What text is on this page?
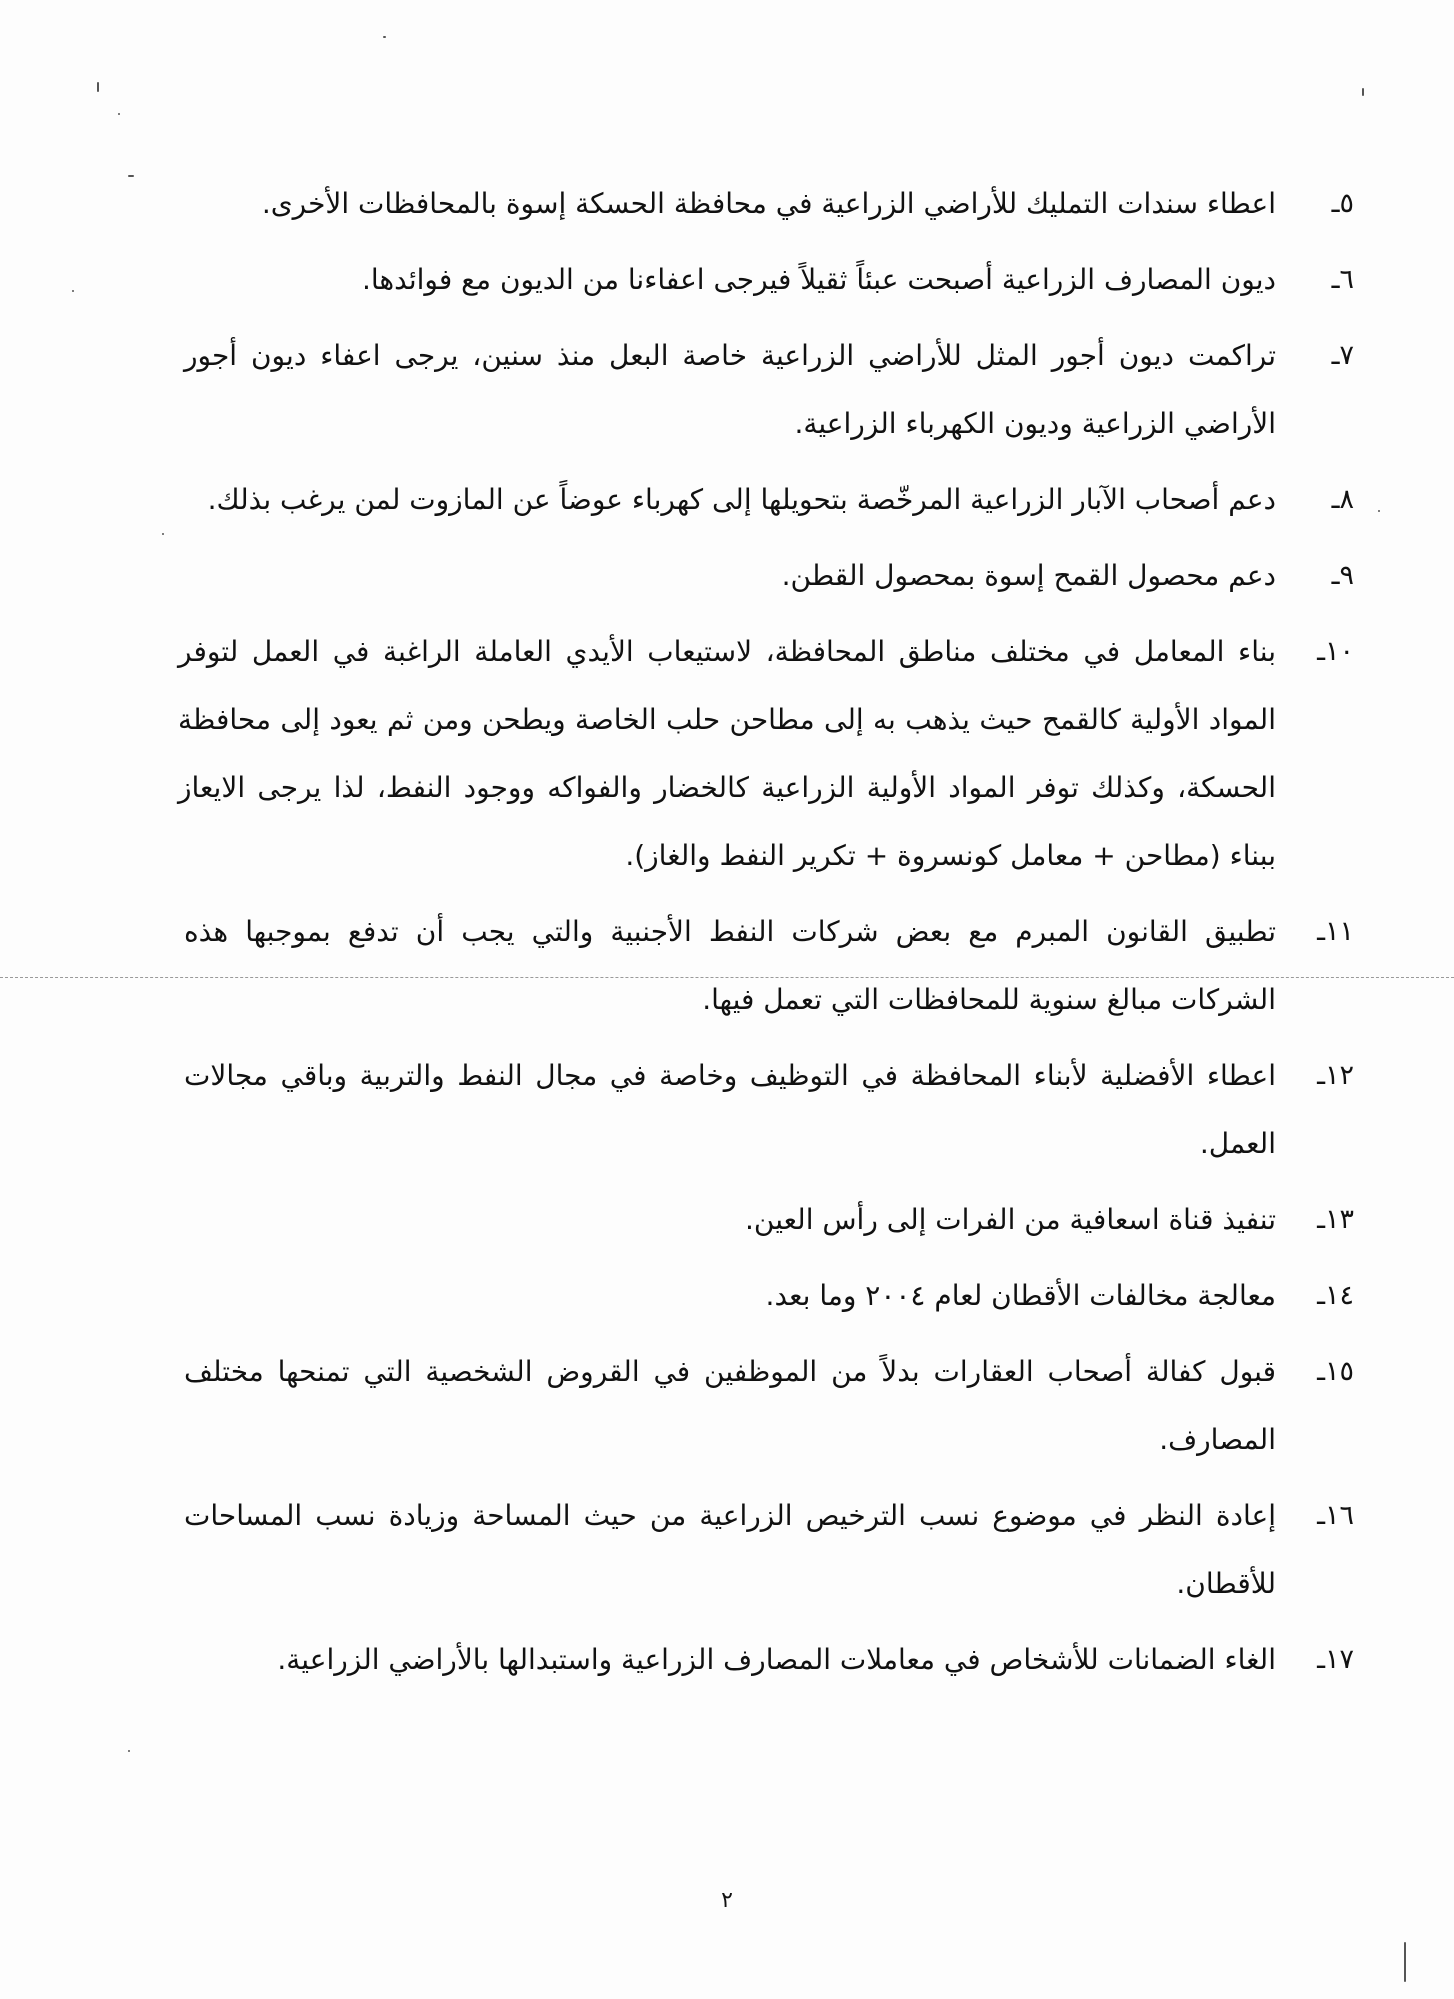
٥ـ
اعطاء سندات التمليك للأراضي الزراعية في محافظة الحسكة إسوة بالمحافظات الأخرى.
٦ـ
ديون المصارف الزراعية أصبحت عبئاً ثقيلاً فيرجى اعفاءنا من الديون مع فوائدها.
٧ـ
تراكمت ديون أجور المثل للأراضي الزراعية خاصة البعل منذ سنين، يرجى اعفاء ديون أجور الأراضي الزراعية وديون الكهرباء الزراعية.
٨ـ
دعم أصحاب الآبار الزراعية المرخّصة بتحويلها إلى كهرباء عوضاً عن المازوت لمن يرغب بذلك.
٩ـ
دعم محصول القمح إسوة بمحصول القطن.
١٠ـ
بناء المعامل في مختلف مناطق المحافظة، لاستيعاب الأيدي العاملة الراغبة في العمل لتوفر المواد الأولية كالقمح حيث يذهب به إلى مطاحن حلب الخاصة ويطحن ومن ثم يعود إلى محافظة الحسكة، وكذلك توفر المواد الأولية الزراعية كالخضار والفواكه ووجود النفط، لذا يرجى الايعاز ببناء (مطاحن + معامل كونسروة + تكرير النفط والغاز).
١١ـ
تطبيق القانون المبرم مع بعض شركات النفط الأجنبية والتي يجب أن تدفع بموجبها هذه الشركات مبالغ سنوية للمحافظات التي تعمل فيها.
١٢ـ
اعطاء الأفضلية لأبناء المحافظة في التوظيف وخاصة في مجال النفط والتربية وباقي مجالات العمل.
١٣ـ
تنفيذ قناة اسعافية من الفرات إلى رأس العين.
١٤ـ
معالجة مخالفات الأقطان لعام ٢٠٠٤ وما بعد.
١٥ـ
قبول كفالة أصحاب العقارات بدلاً من الموظفين في القروض الشخصية التي تمنحها مختلف المصارف.
١٦ـ
إعادة النظر في موضوع نسب الترخيص الزراعية من حيث المساحة وزيادة نسب المساحات للأقطان.
١٧ـ
الغاء الضمانات للأشخاص في معاملات المصارف الزراعية واستبدالها بالأراضي الزراعية.
٢
